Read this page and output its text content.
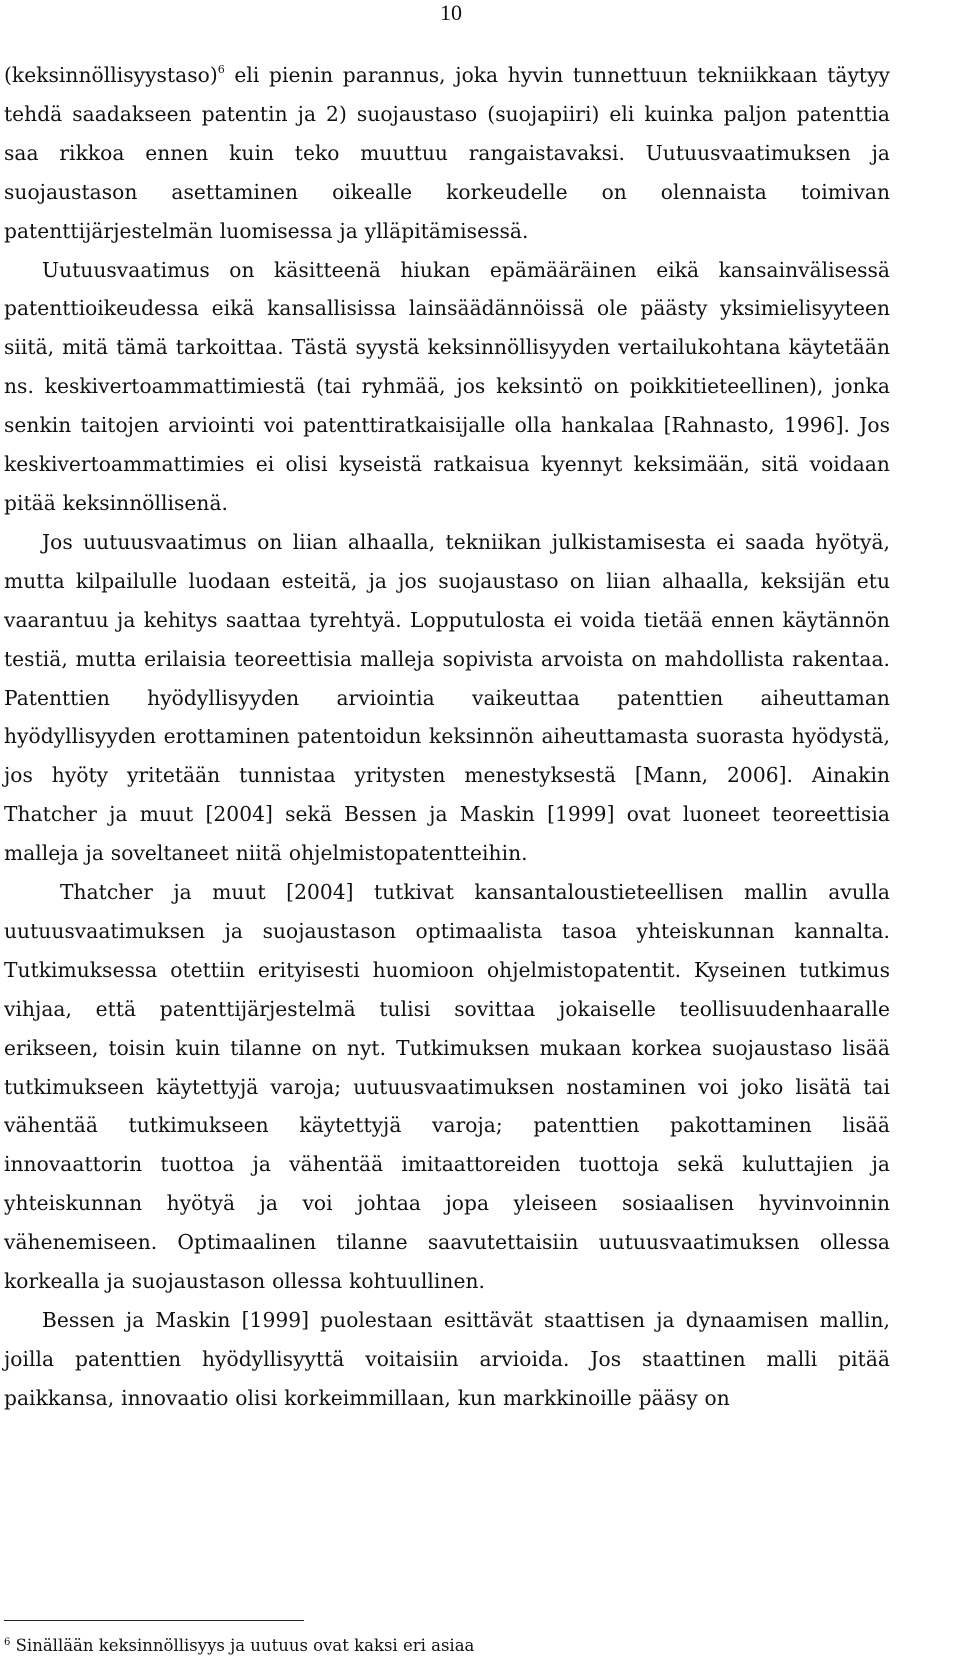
10

(keksinnöllisyystaso)$^6$ eli pienin parannus, joka hyvin tunnettuun tekniikkaan täytyy tehdä saadakseen patentin ja 2) suojaustaso (suojapiiri) eli kuinka paljon patenttia saa rikkoa ennen kuin teko muuttuu rangaistavaksi. Uutuusvaatimuksen ja suojaustason asettaminen oikealle korkeudelle on olennaista toimivan patenttijärjestelmän luomisessa ja ylläpitämisessä.

Uutuusvaatimus on käsitteenä hiukan epämääräinen eikä kansainvälisessä patenttioikeudessa eikä kansallisissa lainsäädännöissä ole päästy yksimielisyyteen siitä, mitä tämä tarkoittaa. Tästä syystä keksinnöllisyyden vertailukohtana käytetään ns. keskivertoammattimiestä (tai ryhmää, jos keksintö on poikkitieteellinen), jonka senkin taitojen arviointi voi patenttiratkaisijalle olla hankalaa [Rahnasto, 1996]. Jos keskivertoammattimies ei olisi kyseistä ratkaisua kyennyt keksimään, sitä voidaan pitää keksinnöllisenä.

Jos uutuusvaatimus on liian alhaalla, tekniikan julkistamisesta ei saada hyötyä, mutta kilpailulle luodaan esteitä, ja jos suojaustaso on liian alhaalla, keksijän etu vaarantuu ja kehitys saattaa tyrehtyä. Lopputulosta ei voida tietää ennen käytännön testiä, mutta erilaisia teoreettisia malleja sopivista arvoista on mahdollista rakentaa. Patenttien hyödyllisyyden arviointia vaikeuttaa patenttien aiheuttaman hyödyllisyyden erottaminen patentoidun keksinnön aiheuttamasta suorasta hyödystä, jos hyöty yritetään tunnistaa yritysten menestyksestä [Mann, 2006]. Ainakin Thatcher ja muut [2004] sekä Bessen ja Maskin [1999] ovat luoneet teoreettisia malleja ja soveltaneet niitä ohjelmistopatentteihin.

Thatcher ja muut [2004] tutkivat kansantaloustieteellisen mallin avulla uutuusvaatimuksen ja suojaustason optimaalista tasoa yhteiskunnan kannalta. Tutkimuksessa otettiin erityisesti huomioon ohjelmistopatentit. Kyseinen tutkimus vihjaa, että patenttijärjestelmä tulisi sovittaa jokaiselle teollisuudenhaaralle erikseen, toisin kuin tilanne on nyt. Tutkimuksen mukaan korkea suojaustaso lisää tutkimukseen käytettyjä varoja; uutuusvaatimuksen nostaminen voi joko lisätä tai vähentää tutkimukseen käytettyjä varoja; patenttien pakottaminen lisää innovaattorin tuottoa ja vähentää imitaattoreiden tuottoja sekä kuluttajien ja yhteiskunnan hyötyä ja voi johtaa jopa yleiseen sosiaalisen hyvinvoinnin vähenemiseen. Optimaalinen tilanne saavutettaisiin uutuusvaatimuksen ollessa korkealla ja suojaustason ollessa kohtuullinen.

Bessen ja Maskin [1999] puolestaan esittävät staattisen ja dynaamisen mallin, joilla patenttien hyödyllisyyttä voitaisiin arvioida. Jos staattinen malli pitää paikkansa, innovaatio olisi korkeimmillaan, kun markkinoille pääsy on

$^6$ Sinällään keksinnöllisyys ja uutuus ovat kaksi eri asiaa
